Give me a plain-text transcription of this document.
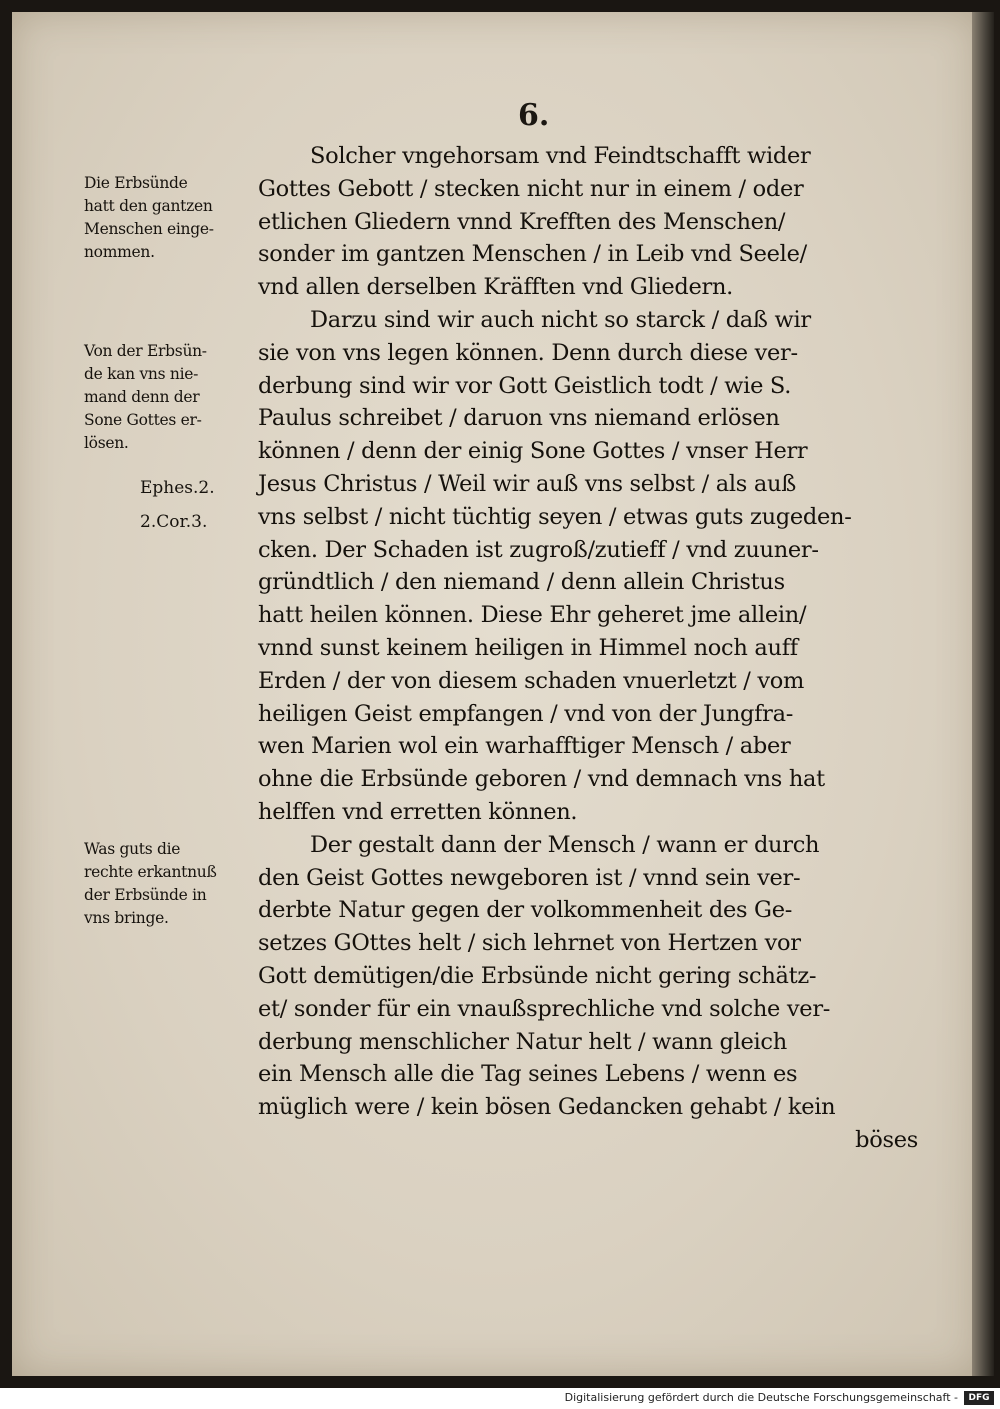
6.
Die Erbsünde
hatt den gantzen
Menschen einge-
nommen.
Von der Erbsün-
de kan vns nie-
mand denn der
Sone Gottes er-
lösen.
Ephes.2.
2.Cor.3.
Was guts die
rechte erkantnuß
der Erbsünde in
vns bringe.
Solcher vngehorsam vnd Feindtschafft wider
Gottes Gebott / stecken nicht nur in einem / oder
etlichen Gliedern vnnd Krefften des Menschen/
sonder im gantzen Menschen / in Leib vnd Seele/
vnd allen derselben Kräfften vnd Gliedern.
Darzu sind wir auch nicht so starck / daß wir
sie von vns legen können. Denn durch diese ver-
derbung sind wir vor Gott Geistlich todt / wie S.
Paulus schreibet / daruon vns niemand erlösen
können / denn der einig Sone Gottes / vnser Herr
Jesus Christus / Weil wir auß vns selbst / als auß
vns selbst / nicht tüchtig seyen / etwas guts zugeden-
cken. Der Schaden ist zugroß/zutieff / vnd zuuner-
gründtlich / den niemand / denn allein Christus
hatt heilen können. Diese Ehr geheret jme allein/
vnnd sunst keinem heiligen in Himmel noch auff
Erden / der von diesem schaden vnuerletzt / vom
heiligen Geist empfangen / vnd von der Jungfra-
wen Marien wol ein warhafftiger Mensch / aber
ohne die Erbsünde geboren / vnd demnach vns hat
helffen vnd erretten können.
Der gestalt dann der Mensch / wann er durch
den Geist Gottes newgeboren ist / vnnd sein ver-
derbte Natur gegen der volkommenheit des Ge-
setzes GOttes helt / sich lehrnet von Hertzen vor
Gott demütigen/die Erbsünde nicht gering schätz-
et/ sonder für ein vnaußsprechliche vnd solche ver-
derbung menschlicher Natur helt / wann gleich
ein Mensch alle die Tag seines Lebens / wenn es
müglich were / kein bösen Gedancken gehabt / kein
böses
Digitalisierung gefördert durch die Deutsche Forschungsgemeinschaft -	DFG
